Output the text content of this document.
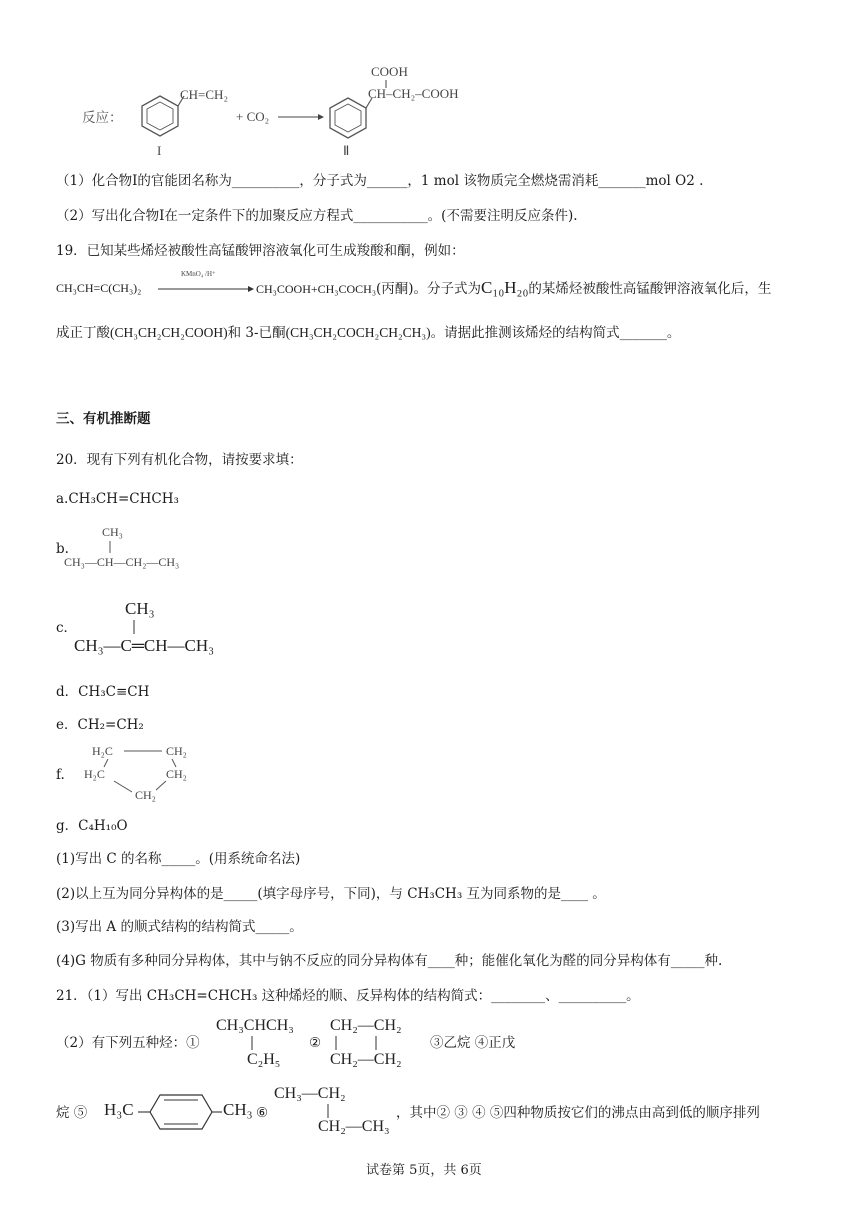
反应：
CH=CH₂
+ CO₂
COOH
CH–CH₂–COOH
I	Ⅱ
（1）化合物I的官能团名称为__________，分子式为______，1 mol 该物质完全燃烧需消耗_______mol O2 .
（2）写出化合物I在一定条件下的加聚反应方程式___________。(不需要注明反应条件).
19．已知某些烯烃被酸性高锰酸钾溶液氧化可生成羧酸和酮，例如：
CH₃CH=C(CH₃)₂
KMnO₄ /H⁺
CH₃COOH+CH₃COCH₃(丙酮)。分子式为C₁₀H₂₀的某烯烃被酸性高锰酸钾溶液氧化后，生
成正丁酸(CH₃CH₂CH₂COOH)和 3-已酮(CH₃CH₂COCH₂CH₂CH₃)。请据此推测该烯烃的结构简式_______。
三、有机推断题
20．现有下列有机化合物，请按要求填：
a.CH₃CH=CHCH₃
b.
CH₃
CH₃—CH—CH₂—CH₃
c．
CH₃
CH₃—C═CH—CH₃
d．CH₃C≡CH
e．CH₂=CH₂
f.
H₂C	CH₂
H₂C	CH₂
CH₂
g．C₄H₁₀O
(1)写出 C 的名称_____。(用系统命名法)
(2)以上互为同分异构体的是_____(填字母序号，下同)，与 CH₃CH₃ 互为同系物的是____ 。
(3)写出 A 的顺式结构的结构简式_____。
(4)G 物质有多种同分异构体，其中与钠不反应的同分异构体有____种；能催化氧化为醛的同分异构体有_____种.
21．（1）写出 CH₃CH=CHCH₃ 这种烯烃的顺、反异构体的结构简式：________、__________。
（2）有下列五种烃：①
CH₃CHCH₃
C₂H₅
②
CH₂—CH₂
CH₂—CH₂
③乙烷 ④正戊
烷 ⑤ H₃C	CH₃ ⑥
CH₃—CH₂
CH₂—CH₃
，其中② ③ ④ ⑤四种物质按它们的沸点由高到低的顺序排列
试卷第 5页，共 6页
